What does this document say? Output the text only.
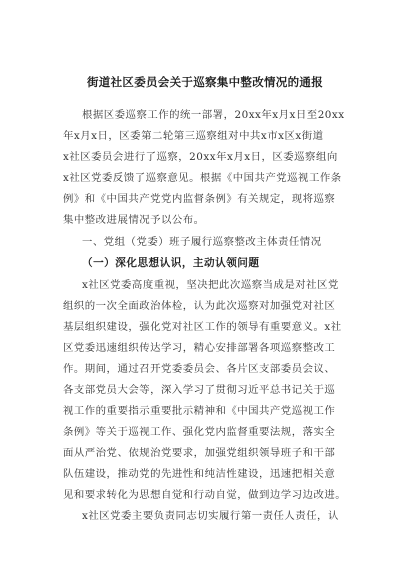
街道社区委员会关于巡察集中整改情况的通报
根据区委巡察工作的统一部署，20xx年x月x日至20xx
年x月x日，区委第二轮第三巡察组对中共x市x区x街道
x社区委员会进行了巡察，20xx年x月x日，区委巡察组向
x社区党委反馈了巡察意见。根据《中国共产党巡视工作条
例》和《中国共产党党内监督条例》有关规定，现将巡察
集中整改进展情况予以公布。
一、党组（党委）班子履行巡察整改主体责任情况
（一）深化思想认识，主动认领问题
x社区党委高度重视，坚决把此次巡察当成是对社区党
组织的一次全面政治体检，认为此次巡察对加强党对社区
基层组织建设，强化党对社区工作的领导有重要意义。x社
区党委迅速组织传达学习，精心安排部署各项巡察整改工
作。期间，通过召开党委委员会、各片区支部委员会议、
各支部党员大会等，深入学习了贯彻习近平总书记关于巡
视工作的重要指示重要批示精神和《中国共产党巡视工作
条例》等关于巡视工作、强化党内监督重要法规，落实全
面从严治党、依规治党要求，加强党组织领导班子和干部
队伍建设，推动党的先进性和纯洁性建设，迅速把相关意
见和要求转化为思想自觉和行动自觉，做到边学习边改进。
x社区党委主要负责同志切实履行第一责任人责任，认
